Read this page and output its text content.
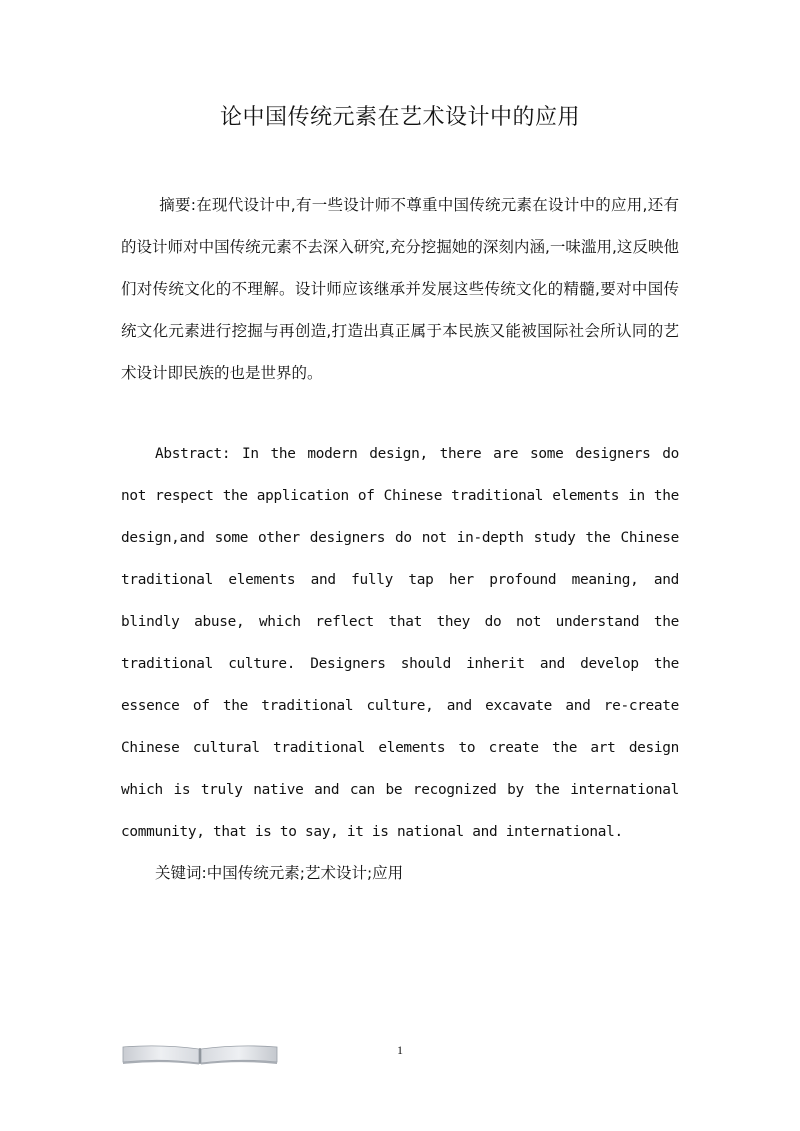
论中国传统元素在艺术设计中的应用
摘要:在现代设计中,有一些设计师不尊重中国传统元素在设计中的应用,还有的设计师对中国传统元素不去深入研究,充分挖掘她的深刻内涵,一味滥用,这反映他们对传统文化的不理解。设计师应该继承并发展这些传统文化的精髓,要对中国传统文化元素进行挖掘与再创造,打造出真正属于本民族又能被国际社会所认同的艺术设计即民族的也是世界的。
Abstract: In the modern design, there are some designers do not respect the application of Chinese traditional elements in the design,and some other designers do not in-depth study the Chinese traditional elements and fully tap her profound meaning, and blindly abuse, which reflect that they do not understand the traditional culture. Designers should inherit and develop the essence of the traditional culture, and excavate and re-create Chinese cultural traditional elements to create the art design which is truly native and can be recognized by the international community, that is to say, it is national and international.
关键词:中国传统元素;艺术设计;应用
1
